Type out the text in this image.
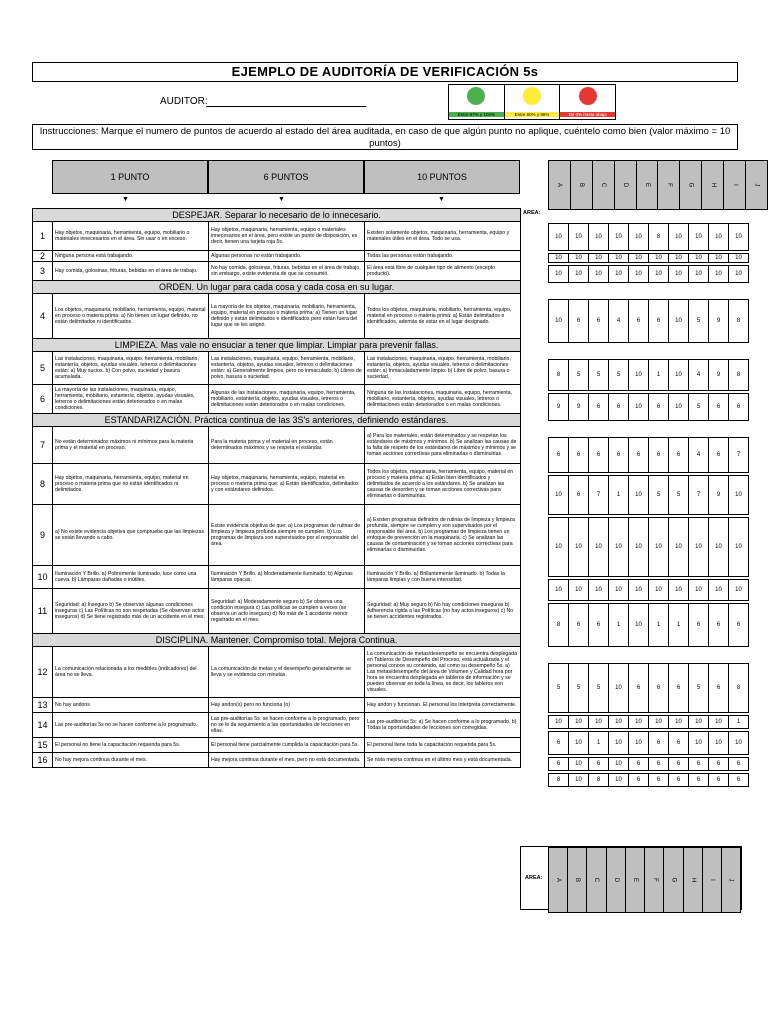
EJEMPLO DE AUDITORÍA DE VERIFICACIÓN 5s
AUDITOR:
Entre 87% y 100%	Entre 60% y 86%	De 0% hasta abajo
Instrucciones: Marque el numero de puntos de acuerdo al estado del área auditada, en caso de que algún punto no aplique, cuéntelo como bien (valor máximo = 10 puntos)
1 PUNTO	6 PUNTOS	10 PUNTOS
▼	▼	▼
A	B	C	D	E	F	G	H	I	J
DESPEJAR. Separar lo necesario de lo innecesario.			
1	Hay objetos, maquinaria, herramienta, equipo, mobiliario o materiales innecesarios en el área. Sin usar o en exceso.	Hay objetos, maquinaria, herramienta, equipo o materiales innecesarios en el área, pero existe un punto de disposición, es decir, tienen una tarjeta roja 5s.	Existen solamente objetos, maquinaria, herramienta, equipo y materiales útiles en el área. Todo se usa.
2	Ninguna persona está trabajando.	Algunas personas no están trabajando.	Todas las personas están trabajando.
3	Hay comida, golosinas, frituras, bebidas en el área de trabajo.	No hay comida, golosinas, frituras, bebidas en el área de trabajo, sin embargo, existe evidencia de que se consumió.	El área está libre de cualquier tipo de alimento (excepto producto).
ORDEN. Un lugar para cada cosa y cada cosa en su lugar.			
4	Los objetos, maquinaria, mobiliario, herramienta, equipo, material en proceso o materia prima: a) No tienen un lugar definido, no están delimitados ni identificados.	La mayoría de los objetos, maquinaria, mobiliario, herramienta, equipo, material en proceso o materia prima: a) Tienen un lugar definido y están delimitados e identificados pero están fuera del lugar que se les asignó.	Todos los objetos, maquinaria, mobiliario, herramienta, equipo, material en proceso o materia prima: a) Están delimitados e identificados, además de estar en el lugar designado.
LIMPIEZA. Mas vale no ensuciar a tener que limpiar. Limpiar para prevenir fallas.			
5	Las instalaciones, maquinaria, equipo, herramienta, mobiliario, estantería, objetos, ayudas visuales, letreros o delimitaciones están: a) Muy sucios. b) Con polvo, suciedad y basura acumulada.	Las instalaciones, maquinaria, equipo, herramienta, mobiliario, estantería, objetos, ayudas visuales, letreros o delimitaciones están: a) Generalmente limpios, pero no inmaculado. b) Libres de polvo, basura o suciedad.	Las instalaciones, maquinaria, equipo, herramienta, mobiliario, estantería, objetos, ayudas visuales, letreros o delimitaciones están: a) Inmaculadamente limpio. b) Libre de polvo, basura o suciedad.
6	La mayoría de las instalaciones, maquinaria, equipo, herramienta, mobiliario, estantería, objetos, ayudas visuales, letreros o delimitaciones están deteriorados o en malas condiciones.	Algunas de las instalaciones, maquinaria, equipo, herramienta, mobiliario, estantería, objetos, ayudas visuales, letreros o delimitaciones están deteriorados o en malas condiciones.	Ninguna de las instalaciones, maquinaria, equipo, herramienta, mobiliario, estantería, objetos, ayudas visuales, letreros o delimitaciones están deteriorados o en malas condiciones.
ESTANDARIZACIÓN. Práctica continua de las 3S's anteriores, definiendo estándares.			
7	No están determinados máximos ni mínimos para la materia prima y el material en proceso.	Para la materia prima y el material en proceso, están determinados máximos y se respeta el estándar.	a) Para los materiales, están determinados y se respetan los estándares de máximos y mínimos. b) Se analizan las causas de la falta de respeto de los estándares de máximos y mínimos y se toman acciones correctivas para eliminarlas o disminuirlas.
8	Hay objetos, maquinaria, herramienta, equipo, material en proceso o materia prima que no están identificados ni delimitados.	Hay objetos, maquinaria, herramienta, equipo, material en proceso o materia prima que: a) Están identificados, delimitados y con estándares definidos.	Todos los objetos, maquinaria, herramienta, equipo, material en proceso y materia prima: a) Están bien identificados y delimitados de acuerdo a los estándares. b) Se analizan las causas de desorden y se toman acciones correctivas para eliminarlas o disminuirlas.
9	a) No existe evidencia objetiva que compruebe que las limpiezas se están llevando a cabo.	Existe evidencia objetiva de que: a) Los programas de rutinas de limpieza y limpieza profunda siempre se cumplen. b) Los programas de limpieza son supervisados por el responsable del área.	a) Existen programas definidos de rutinas de limpieza y limpieza profunda, siempre se cumplen y son supervisados por el responsable del área. b) Los programas de limpieza tienen un enfoque de prevención en la maquinaria. c) Se analizan las causas de contaminación y se toman acciones correctivas para eliminarlas o disminuirlas.
10	Iluminación Y Brillo. a) Pobremente iluminado, luce como una cueva. b) Lámparas dañadas o inútiles.	Iluminación Y Brillo. a) Moderadamente iluminado. b) Algunas lámparas opacas.	Iluminación Y Brillo. a) Brillantemente iluminado. b) Todas la lámparas limpias y con buena intensidad.
11	Seguridad: a) Inseguro b) Se observan algunas condiciones inseguras c) Las Políticas no son respetadas (Se observan actos inseguros) d) Se tiene registrado más de un accidente en el mes.	Seguridad: a) Moderadamente seguro b) Se observa una condición insegura c) Las políticas se cumplen a veces (se observa un acto inseguro) d) No más de 1 accidente menor registrado en el mes.	Seguridad: a) Muy seguro b) No hay condiciones inseguras b) Adherencia rígida a las Políticas (no hay actos inseguros) c) No se tienen accidentes registrados.
DISCIPLINA. Mantener. Compromiso total. Mejora Continua.			
12	La comunicación relacionada a los medibles (indicadores) del área no se lleva.	La comunicación de metas y el desempeño generalmente se lleva y se evidencia con minutas.	La comunicación de metas/desempeño se encuentra desplegada en Tableros de Desempeño del Proceso, está actualizada y el personal conoce su contenido, así como su desempeño 5s. a) Las metas/desempeño del área de Volumen y Calidad hora por hora se encuentra desplegada en tableros de información y se pueden observar en toda la línea, es decir, los tableros son visuales.
13	No hay andons	Hay andon(s) pero no funciona (n)	Hay andon y funcionan. El personal los interpreta correctamente.
14	Las pre-auditorías 5s no se hacen conforme a lo programado.	Las pre-auditorías 5s: se hacen conforme a lo programado, pero no se le da seguimiento a las oportunidades de lecciones en ellas.	Las pre-auditorías 5s: a) Se hacen conforme a lo programado. b) Todas la oportunidades de lecciones son corregidas.
15	El personal no tiene la capacitación requerida para 5s.	El personal tiene parcialmente cumplida la capacitación para 5s.	El personal tiene toda la capacitación requerida para 5s.
16	No hay mejora continua durante el mes.	Hay mejora continua durante el mes, pero no está documentada.	Se nota mejora continua en el último mes y está documentada.
AREA:
10	10	10	10	10	8	10	10	10	10
10	10	10	10	10	10	10	10	10	10
10	10	10	10	10	10	10	10	10	10
10	6	6	4	6	6	10	5	9	8
8	5	5	5	10	1	10	4	9	8
9	9	6	6	10	6	10	5	6	6
6	6	6	6	6	6	6	4	6	7
10	6	7	1	10	5	5	7	9	10
10	10	10	10	10	10	10	10	10	10
10	10	10	10	10	10	10	10	10	10
8	6	6	1	10	1	1	6	6	6
5	5	5	10	6	6	6	5	6	8
10	10	10	10	10	10	10	10	10	1
6	10	1	10	10	6	6	10	10	10
6	10	6	10	6	6	6	6	6	6
8	10	8	10	6	6	6	6	6	6
AREA: A	B	C	D	E	F	G	H	I	J
